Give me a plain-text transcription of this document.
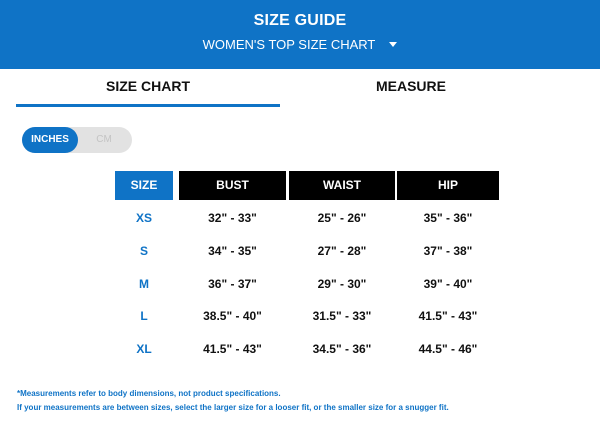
SIZE GUIDE
WOMEN'S TOP SIZE CHART
SIZE CHART	MEASURE
INCHES	CM
SIZE	BUST	WAIST	HIP
XS	32" - 33"	25" - 26"	35" - 36"
S	34" - 35"	27" - 28"	37" - 38"
M	36" - 37"	29" - 30"	39" - 40"
L	38.5" - 40"	31.5" - 33"	41.5" - 43"
XL	41.5" - 43"	34.5" - 36"	44.5" - 46"
*Measurements refer to body dimensions, not product specifications.
If your measurements are between sizes, select the larger size for a looser fit, or the smaller size for a snugger fit.
